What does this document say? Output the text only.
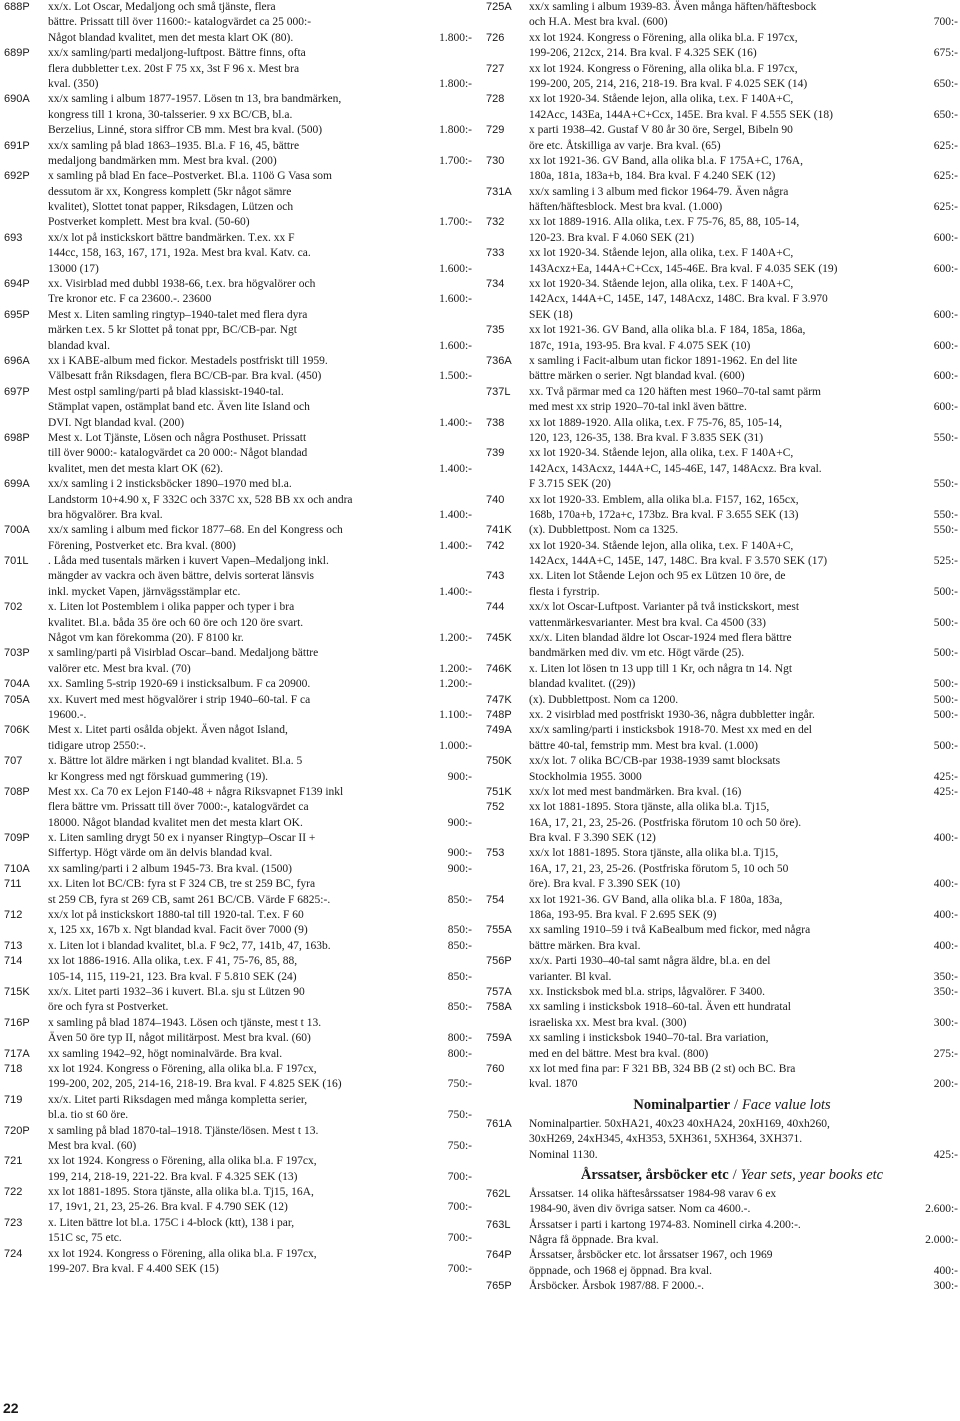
688P xx/x. Lot Oscar, Medaljong och små tjänste, flera
bättre. Prissatt till över 11600:- katalogvärdet ca 25 000:-
Något blandad kvalitet, men det mesta klart OK (80).	1.800:-
689P xx/x samling/parti medaljong-luftpost. Bättre finns, ofta
flera dubbletter t.ex. 20st F 75 xx, 3st F 96 x. Mest bra
kval. (350)	1.800:-
690A xx/x samling i album 1877-1957. Lösen tn 13, bra bandmärken,
kongress till 1 krona, 30-talsserier. 9 xx BC/CB, bl.a.
Berzelius, Linné, stora siffror CB mm. Mest bra kval. (500)	1.800:-
691P xx/x samling på blad 1863–1935. Bl.a. F 16, 45, bättre
medaljong bandmärken mm. Mest bra kval. (200)	1.700:-
692P x samling på blad En face–Postverket. Bl.a. 110ö G Vasa som
dessutom är xx, Kongress komplett (5kr något sämre
kvalitet), Slottet tonat papper, Riksdagen, Lützen och
Postverket komplett. Mest bra kval. (50-60)	1.700:-
693 xx/x lot på instickskort bättre bandmärken. T.ex. xx F
144cc, 158, 163, 167, 171, 192a. Mest bra kval. Katv. ca.
13000 (17)	1.600:-
694P xx. Visirblad med dubbl 1938-66, t.ex. bra högvalörer och
Tre kronor etc. F ca 23600.-. 23600	1.600:-
695P Mest x. Liten samling ringtyp–1940-talet med flera dyra
märken t.ex. 5 kr Slottet på tonat ppr, BC/CB-par. Ngt
blandad kval.	1.600:-
696A xx i KABE-album med fickor. Mestadels postfriskt till 1959.
Välbesatt från Riksdagen, flera BC/CB-par. Bra kval. (450)	1.500:-
697P Mest ostpl samling/parti på blad klassiskt-1940-tal.
Stämplat vapen, ostämplat band etc. Även lite Island och
DVI. Ngt blandad kval. (200)	1.400:-
698P Mest x. Lot Tjänste, Lösen och några Posthuset. Prissatt
till över 9000:- katalogvärdet ca 20 000:- Något blandad
kvalitet, men det mesta klart OK (62).	1.400:-
699A xx/x samling i 2 insticksböcker 1890–1970 med bl.a.
Landstorm 10+4.90 x, F 332C och 337C xx, 528 BB xx och andra
bra högvalörer. Bra kval.	1.400:-
700A xx/x samling i album med fickor 1877–68. En del Kongress och
Förening, Postverket etc. Bra kval. (800)	1.400:-
701L . Låda med tusentals märken i kuvert Vapen–Medaljong inkl.
mängder av vackra och även bättre, delvis sorterat länsvis
inkl. mycket Vapen, järnvägsstämplar etc.	1.400:-
702 x. Liten lot Postemblem i olika papper och typer i bra
kvalitet. Bl.a. båda 35 öre och 60 öre och 120 öre svart.
Något vm kan förekomma (20). F 8100 kr.	1.200:-
703P x samling/parti på Visirblad Oscar–band. Medaljong bättre
valörer etc. Mest bra kval. (70)	1.200:-
704A xx. Samling 5-strip 1920-69 i insticksalbum. F ca 20900.	1.200:-
705A xx. Kuvert med mest högvalörer i strip 1940–60-tal. F ca
19600.-.	1.100:-
706K Mest x. Litet parti osålda objekt. Även något Island,
tidigare utrop 2550:-.	1.000:-
707 x. Bättre lot äldre märken i ngt blandad kvalitet. Bl.a. 5
kr Kongress med ngt förskuad gummering (19).	900:-
708P Mest xx. Ca 70 ex Lejon F140-48 + några Riksvapnet F139 inkl
flera bättre vm. Prissatt till över 7000:-, katalogvärdet ca
18000. Något blandad kvalitet men det mesta klart OK.	900:-
709P x. Liten samling drygt 50 ex i nyanser Ringtyp–Oscar II +
Siffertyp. Högt värde om än delvis blandad kval.	900:-
710A xx samling/parti i 2 album 1945-73. Bra kval. (1500)	900:-
711 xx. Liten lot BC/CB: fyra st F 324 CB, tre st 259 BC, fyra
st 259 CB, fyra st 269 CB, samt 261 BC/CB. Värde F 6825:-.	850:-
712 xx/x lot på instickskort 1880-tal till 1920-tal. T.ex. F 60
x, 125 xx, 167b x. Ngt blandad kval. Facit över 7000 (9)	850:-
713 x. Liten lot i blandad kvalitet, bl.a. F 9c2, 77, 141b, 47, 163b.	850:-
714 xx lot 1886-1916. Alla olika, t.ex. F 41, 75-76, 85, 88,
105-14, 115, 119-21, 123. Bra kval. F 5.810 SEK (24)	850:-
715K xx/x. Litet parti 1932–36 i kuvert. Bl.a. sju st Lützen 90
öre och fyra st Postverket.	850:-
716P x samling på blad 1874–1943. Lösen och tjänste, mest t 13.
Även 50 öre typ II, något militärpost. Mest bra kval. (60)	800:-
717A xx samling 1942–92, högt nominalvärde. Bra kval.	800:-
718 xx lot 1924. Kongress o Förening, alla olika bl.a. F 197cx,
199-200, 202, 205, 214-16, 218-19. Bra kval. F 4.825 SEK (16)	750:-
719 xx/x. Litet parti Riksdagen med många kompletta serier,
bl.a. tio st 60 öre.	750:-
720P x samling på blad 1870-tal–1918. Tjänste/lösen. Mest t 13.
Mest bra kval. (60)	750:-
721 xx lot 1924. Kongress o Förening, alla olika bl.a. F 197cx,
199, 214, 218-19, 221-22. Bra kval. F 4.325 SEK (13)	700:-
722 xx lot 1881-1895. Stora tjänste, alla olika bl.a. Tj15, 16A,
17, 19v1, 21, 23, 25-26. Bra kval. F 4.790 SEK (12)	700:-
723 x. Liten bättre lot bl.a. 175C i 4-block (ktt), 138 i par,
151C sc, 75 etc.	700:-
724 xx lot 1924. Kongress o Förening, alla olika bl.a. F 197cx,
199-207. Bra kval. F 4.400 SEK (15)	700:-
725A xx/x samling i album 1939-83. Även många häften/häftesbock
och H.A. Mest bra kval. (600)	700:-
726 xx lot 1924. Kongress o Förening, alla olika bl.a. F 197cx,
199-206, 212cx, 214. Bra kval. F 4.325 SEK (16)	675:-
727 xx lot 1924. Kongress o Förening, alla olika bl.a. F 197cx,
199-200, 205, 214, 216, 218-19. Bra kval. F 4.025 SEK (14)	650:-
728 xx lot 1920-34. Stående lejon, alla olika, t.ex. F 140A+C,
142Acc, 143Ea, 144A+C+Ccx, 145E. Bra kval. F 4.555 SEK (18)	650:-
729 x parti 1938–42. Gustaf V 80 år 30 öre, Sergel, Bibeln 90
öre etc. Åtskilliga av varje. Bra kval. (65)	625:-
730 xx lot 1921-36. GV Band, alla olika bl.a. F 175A+C, 176A,
180a, 181a, 183a+b, 184. Bra kval. F 4.240 SEK (12)	625:-
731A xx/x samling i 3 album med fickor 1964-79. Även några
häften/häftesblock. Mest bra kval. (1.000)	625:-
732 xx lot 1889-1916. Alla olika, t.ex. F 75-76, 85, 88, 105-14,
120-23. Bra kval. F 4.060 SEK (21)	600:-
733 xx lot 1920-34. Stående lejon, alla olika, t.ex. F 140A+C,
143Acxz+Ea, 144A+C+Ccx, 145-46E. Bra kval. F 4.035 SEK (19)	600:-
734 xx lot 1920-34. Stående lejon, alla olika, t.ex. F 140A+C,
142Acx, 144A+C, 145E, 147, 148Acxz, 148C. Bra kval. F 3.970
SEK (18)	600:-
735 xx lot 1921-36. GV Band, alla olika bl.a. F 184, 185a, 186a,
187c, 191a, 193-95. Bra kval. F 4.075 SEK (10)	600:-
736A x samling i Facit-album utan fickor 1891-1962. En del lite
bättre märken o serier. Ngt blandad kval. (600)	600:-
737L xx. Två pärmar med ca 120 häften mest 1960–70-tal samt pärm
med mest xx strip 1920–70-tal inkl även bättre.	600:-
738 xx lot 1889-1920. Alla olika, t.ex. F 75-76, 85, 105-14,
120, 123, 126-35, 138. Bra kval. F 3.835 SEK (31)	550:-
739 xx lot 1920-34. Stående lejon, alla olika, t.ex. F 140A+C,
142Acx, 143Acxz, 144A+C, 145-46E, 147, 148Acxz. Bra kval.
F 3.715 SEK (20)	550:-
740 xx lot 1920-33. Emblem, alla olika bl.a. F157, 162, 165cx,
168b, 170a+b, 172a+c, 173bz. Bra kval. F 3.655 SEK (13)	550:-
741K (x). Dubblettpost. Nom ca 1325.	550:-
742 xx lot 1920-34. Stående lejon, alla olika, t.ex. F 140A+C,
142Acx, 144A+C, 145E, 147, 148C. Bra kval. F 3.570 SEK (17)	525:-
743 xx. Liten lot Stående Lejon och 95 ex Lützen 10 öre, de
flesta i fyrstrip.	500:-
744 xx/x lot Oscar-Luftpost. Varianter på två instickskort, mest
vattenmärkesvarianter. Mest bra kval. Ca 4500 (33)	500:-
745K xx/x. Liten blandad äldre lot Oscar-1924 med flera bättre
bandmärken med div. vm etc. Högt värde (25).	500:-
746K x. Liten lot lösen tn 13 upp till 1 Kr, och några tn 14. Ngt
blandad kvalitet. ((29))	500:-
747K (x). Dubblettpost. Nom ca 1200.	500:-
748P xx. 2 visirblad med postfriskt 1930-36, några dubbletter ingår.	500:-
749A xx/x samling/parti i insticksbok 1918-70. Mest xx med en del
bättre 40-tal, femstrip mm. Mest bra kval. (1.000)	500:-
750K xx/x lot. 7 olika BC/CB-par 1938-1939 samt blocksats
Stockholmia 1955. 3000	425:-
751K xx/x lot med mest bandmärken. Bra kval. (16)	425:-
752 xx lot 1881-1895. Stora tjänste, alla olika bl.a. Tj15,
16A, 17, 21, 23, 25-26. (Postfriska förutom 10 och 50 öre).
Bra kval. F 3.390 SEK (12)	400:-
753 xx/x lot 1881-1895. Stora tjänste, alla olika bl.a. Tj15,
16A, 17, 21, 23, 25-26. (Postfriska förutom 5, 10 och 50
öre). Bra kval. F 3.390 SEK (10)	400:-
754 xx lot 1921-36. GV Band, alla olika bl.a. F 180a, 183a,
186a, 193-95. Bra kval. F 2.695 SEK (9)	400:-
755A xx samling 1910–59 i två KaBealbum med fickor, med några
bättre märken. Bra kval.	400:-
756P xx/x. Parti 1930–40-tal samt några äldre, bl.a. en del
varianter. Bl kval.	350:-
757A xx. Insticksbok med bl.a. strips, lågvalörer. F 3400.	350:-
758A xx samling i insticksbok 1918–60-tal. Även ett hundratal
israeliska xx. Mest bra kval. (300)	300:-
759A xx samling i insticksbok 1940–70-tal. Bra variation,
med en del bättre. Mest bra kval. (800)	275:-
760 xx lot med fina par: F 321 BB, 324 BB (2 st) och BC. Bra
kval. 1870	200:-
Nominalpartier / Face value lots
761A Nominalpartier. 50xHA21, 40x23 40xHA24, 20xH169, 40xh260,
30xH269, 24xH345, 4xH353, 5XH361, 5XH364, 3XH371.
Nominal 1130.	425:-
Årssatser, årsböcker etc / Year sets, year books etc
762L Årssatser. 14 olika häftesårssatser 1984-98 varav 6 ex
1984-90, även div övriga satser. Nom ca 4600.-.	2.600:-
763L Årssatser i parti i kartong 1974-83. Nominell cirka 4.200:-.
Några få öppnade. Bra kval.	2.000:-
764P Årssatser, årsböcker etc. lot årssatser 1967, och 1969
öppnade, och 1968 ej öppnad. Bra kval.	400:-
765P Årsböcker. Årsbok 1987/88. F 2000.-.	300:-
22
